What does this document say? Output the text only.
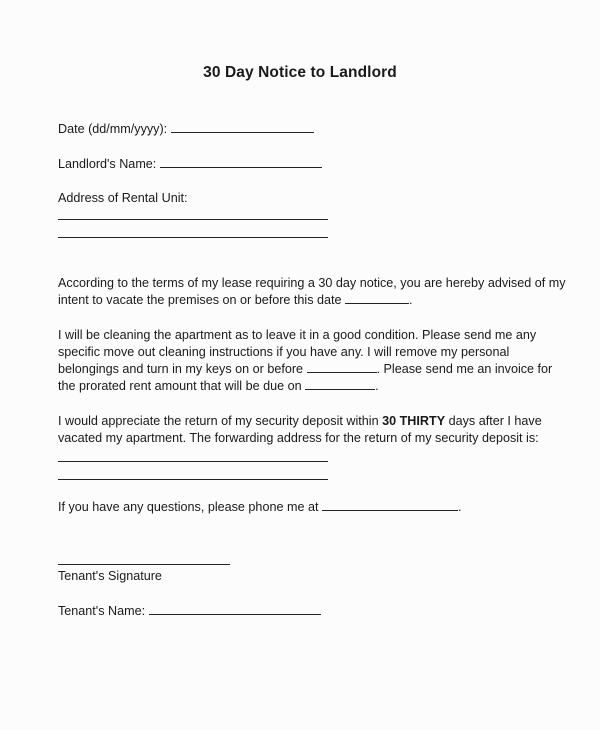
30 Day Notice to Landlord
Date (dd/mm/yyyy):
Landlord's Name:
Address of Rental Unit:
According to the terms of my lease requiring a 30 day notice, you are hereby advised of my
intent to vacate the premises on or before this date	.
I will be cleaning the apartment as to leave it in a good condition. Please send me any
specific move out cleaning instructions if you have any. I will remove my personal
belongings and turn in my keys on or before	. Please send me an invoice for
the prorated rent amount that will be due on	.
I would appreciate the return of my security deposit within 30 THIRTY days after I have
vacated my apartment. The forwarding address for the return of my security deposit is:
If you have any questions, please phone me at	.
Tenant's Signature
Tenant's Name:
